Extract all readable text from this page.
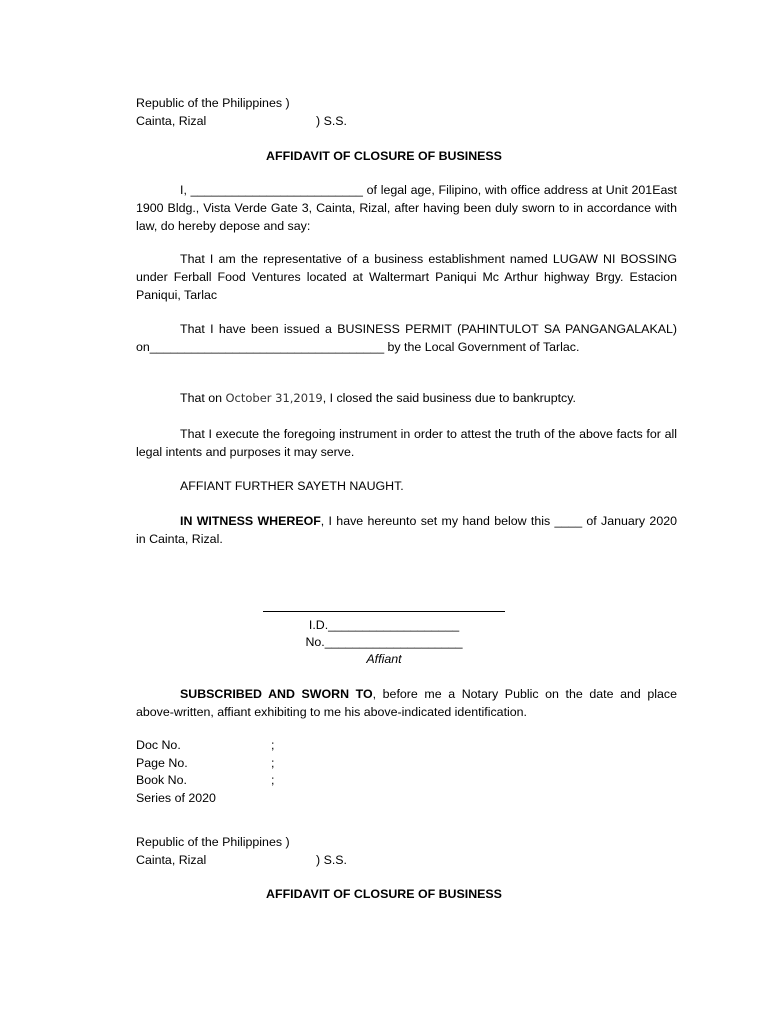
Republic of the Philippines )
Cainta, Rizal	) S.S.
AFFIDAVIT OF CLOSURE OF BUSINESS
I, _________________________ of legal age, Filipino, with office address at Unit 201East 1900 Bldg., Vista Verde Gate 3, Cainta, Rizal, after having been duly sworn to in accordance with law, do hereby depose and say:
That I am the representative of a business establishment named LUGAW NI BOSSING under Ferball Food Ventures located at Waltermart Paniqui Mc Arthur highway Brgy. Estacion Paniqui, Tarlac
That I have been issued a BUSINESS PERMIT (PAHINTULOT SA PANGANGALAKAL) on__________________________________ by the Local Government of Tarlac.
That on October 31,2019, I closed the said business due to bankruptcy.
That I execute the foregoing instrument in order to attest the truth of the above facts for all legal intents and purposes it may serve.
AFFIANT FURTHER SAYETH NAUGHT.
IN WITNESS WHEREOF, I have hereunto set my hand below this ____ of January 2020 in Cainta, Rizal.
I.D.___________________
No.____________________
Affiant
SUBSCRIBED AND SWORN TO, before me a Notary Public on the date and place above-written, affiant exhibiting to me his above-indicated identification.
Doc No.	;
Page No.	;
Book No.	;
Series of 2020
Republic of the Philippines )
Cainta, Rizal	) S.S.
AFFIDAVIT OF CLOSURE OF BUSINESS
